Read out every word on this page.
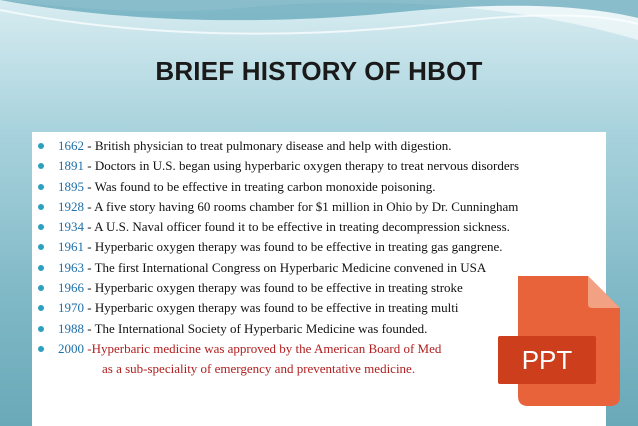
BRIEF HISTORY OF HBOT
1662 - British physician to treat pulmonary disease and help with digestion.
1891 - Doctors in U.S. began using hyperbaric oxygen therapy to treat nervous disorders
1895 - Was found to be effective in treating carbon monoxide poisoning.
1928 - A five story having 60 rooms chamber for $1 million in Ohio by Dr. Cunningham
1934 - A U.S. Naval officer found it to be effective in treating decompression sickness.
1961 - Hyperbaric oxygen therapy was found to be effective in treating gas gangrene.
1963 - The first International Congress on Hyperbaric Medicine convened in USA
1966 - Hyperbaric oxygen therapy was found to be effective in treating stroke
1970 - Hyperbaric oxygen therapy was found to be effective in treating multi
1988 - The International Society of Hyperbaric Medicine was founded.
2000 -Hyperbaric medicine was approved by the American Board of Med
as a sub-speciality of emergency and preventative medicine.	PPT
